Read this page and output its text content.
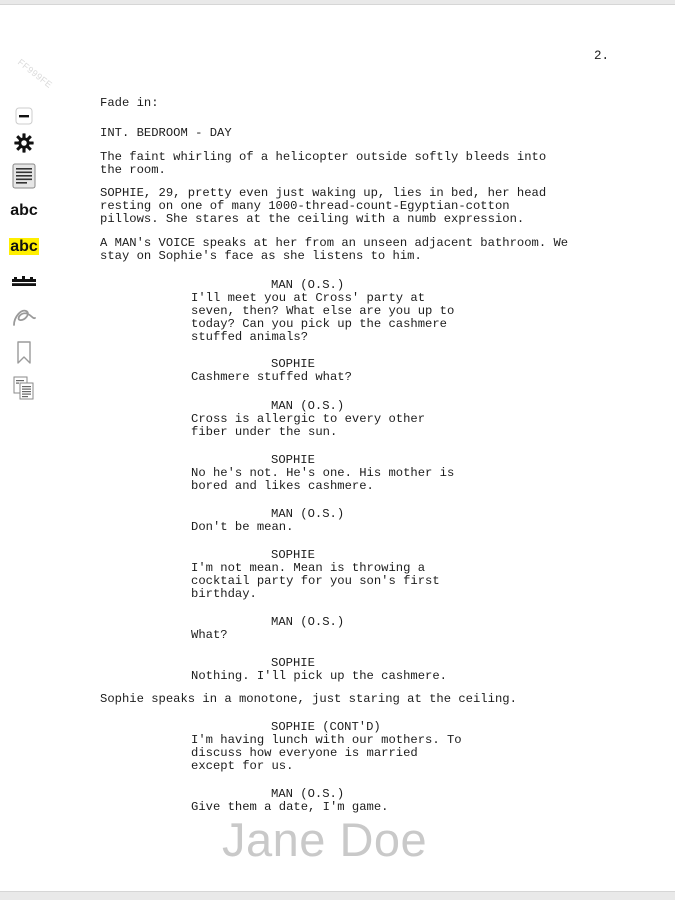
FF999FE
2.
Fade in:
INT. BEDROOM - DAY
The faint whirling of a helicopter outside softly bleeds into
the room.
SOPHIE, 29, pretty even just waking up, lies in bed, her head
resting on one of many 1000-thread-count-Egyptian-cotton
pillows. She stares at the ceiling with a numb expression.
A MAN's VOICE speaks at her from an unseen adjacent bathroom. We
stay on Sophie's face as she listens to him.
MAN (O.S.)
I'll meet you at Cross' party at
seven, then? What else are you up to
today? Can you pick up the cashmere
stuffed animals?
SOPHIE
Cashmere stuffed what?
MAN (O.S.)
Cross is allergic to every other
fiber under the sun.
SOPHIE
No he's not. He's one. His mother is
bored and likes cashmere.
MAN (O.S.)
Don't be mean.
SOPHIE
I'm not mean. Mean is throwing a
cocktail party for you son's first
birthday.
MAN (O.S.)
What?
SOPHIE
Nothing. I'll pick up the cashmere.
Sophie speaks in a monotone, just staring at the ceiling.
SOPHIE (CONT'D)
I'm having lunch with our mothers. To
discuss how everyone is married
except for us.
MAN (O.S.)
Give them a date, I'm game.
Jane Doe
abc
abc
